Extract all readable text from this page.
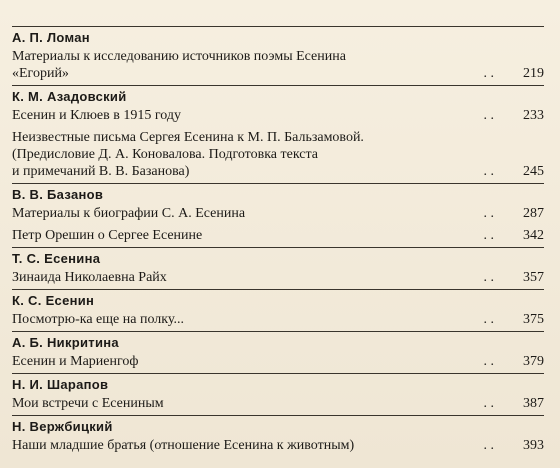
А. П. Ломан
Материалы к исследованию источников поэмы Есенина
«Егорий»	. .	219
К. М. Азадовский
Есенин и Клюев в 1915 году	. .	233
Неизвестные письма Сергея Есенина к М. П. Бальзамовой.
(Предисловие Д. А. Коновалова. Подготовка текста
и примечаний В. В. Базанова)	. .	245
В. В. Базанов
Материалы к биографии С. А. Есенина	. .	287
Петр Орешин о Сергее Есенине	. .	342
Т. С. Есенина
Зинаида Николаевна Райх	. .	357
К. С. Есенин
Посмотрю-ка еще на полку...	. .	375
А. Б. Никритина
Есенин и Мариенгоф	. .	379
Н. И. Шарапов
Мои встречи с Есениным	. .	387
Н. Вержбицкий
Наши младшие братья (отношение Есенина к животным)	. .	393
